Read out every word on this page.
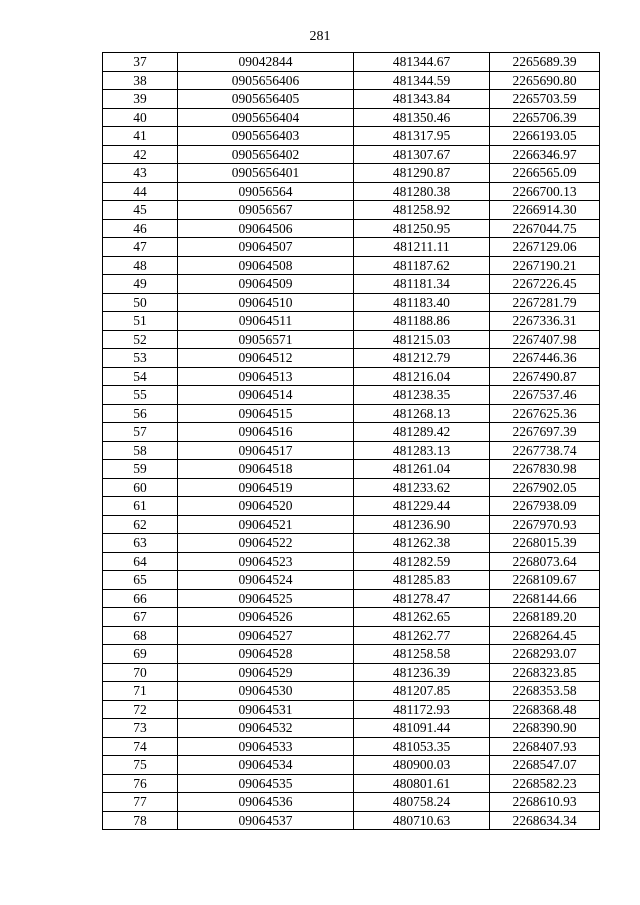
281
37	09042844	481344.67	2265689.39
38	0905656406	481344.59	2265690.80
39	0905656405	481343.84	2265703.59
40	0905656404	481350.46	2265706.39
41	0905656403	481317.95	2266193.05
42	0905656402	481307.67	2266346.97
43	0905656401	481290.87	2266565.09
44	09056564	481280.38	2266700.13
45	09056567	481258.92	2266914.30
46	09064506	481250.95	2267044.75
47	09064507	481211.11	2267129.06
48	09064508	481187.62	2267190.21
49	09064509	481181.34	2267226.45
50	09064510	481183.40	2267281.79
51	09064511	481188.86	2267336.31
52	09056571	481215.03	2267407.98
53	09064512	481212.79	2267446.36
54	09064513	481216.04	2267490.87
55	09064514	481238.35	2267537.46
56	09064515	481268.13	2267625.36
57	09064516	481289.42	2267697.39
58	09064517	481283.13	2267738.74
59	09064518	481261.04	2267830.98
60	09064519	481233.62	2267902.05
61	09064520	481229.44	2267938.09
62	09064521	481236.90	2267970.93
63	09064522	481262.38	2268015.39
64	09064523	481282.59	2268073.64
65	09064524	481285.83	2268109.67
66	09064525	481278.47	2268144.66
67	09064526	481262.65	2268189.20
68	09064527	481262.77	2268264.45
69	09064528	481258.58	2268293.07
70	09064529	481236.39	2268323.85
71	09064530	481207.85	2268353.58
72	09064531	481172.93	2268368.48
73	09064532	481091.44	2268390.90
74	09064533	481053.35	2268407.93
75	09064534	480900.03	2268547.07
76	09064535	480801.61	2268582.23
77	09064536	480758.24	2268610.93
78	09064537	480710.63	2268634.34
